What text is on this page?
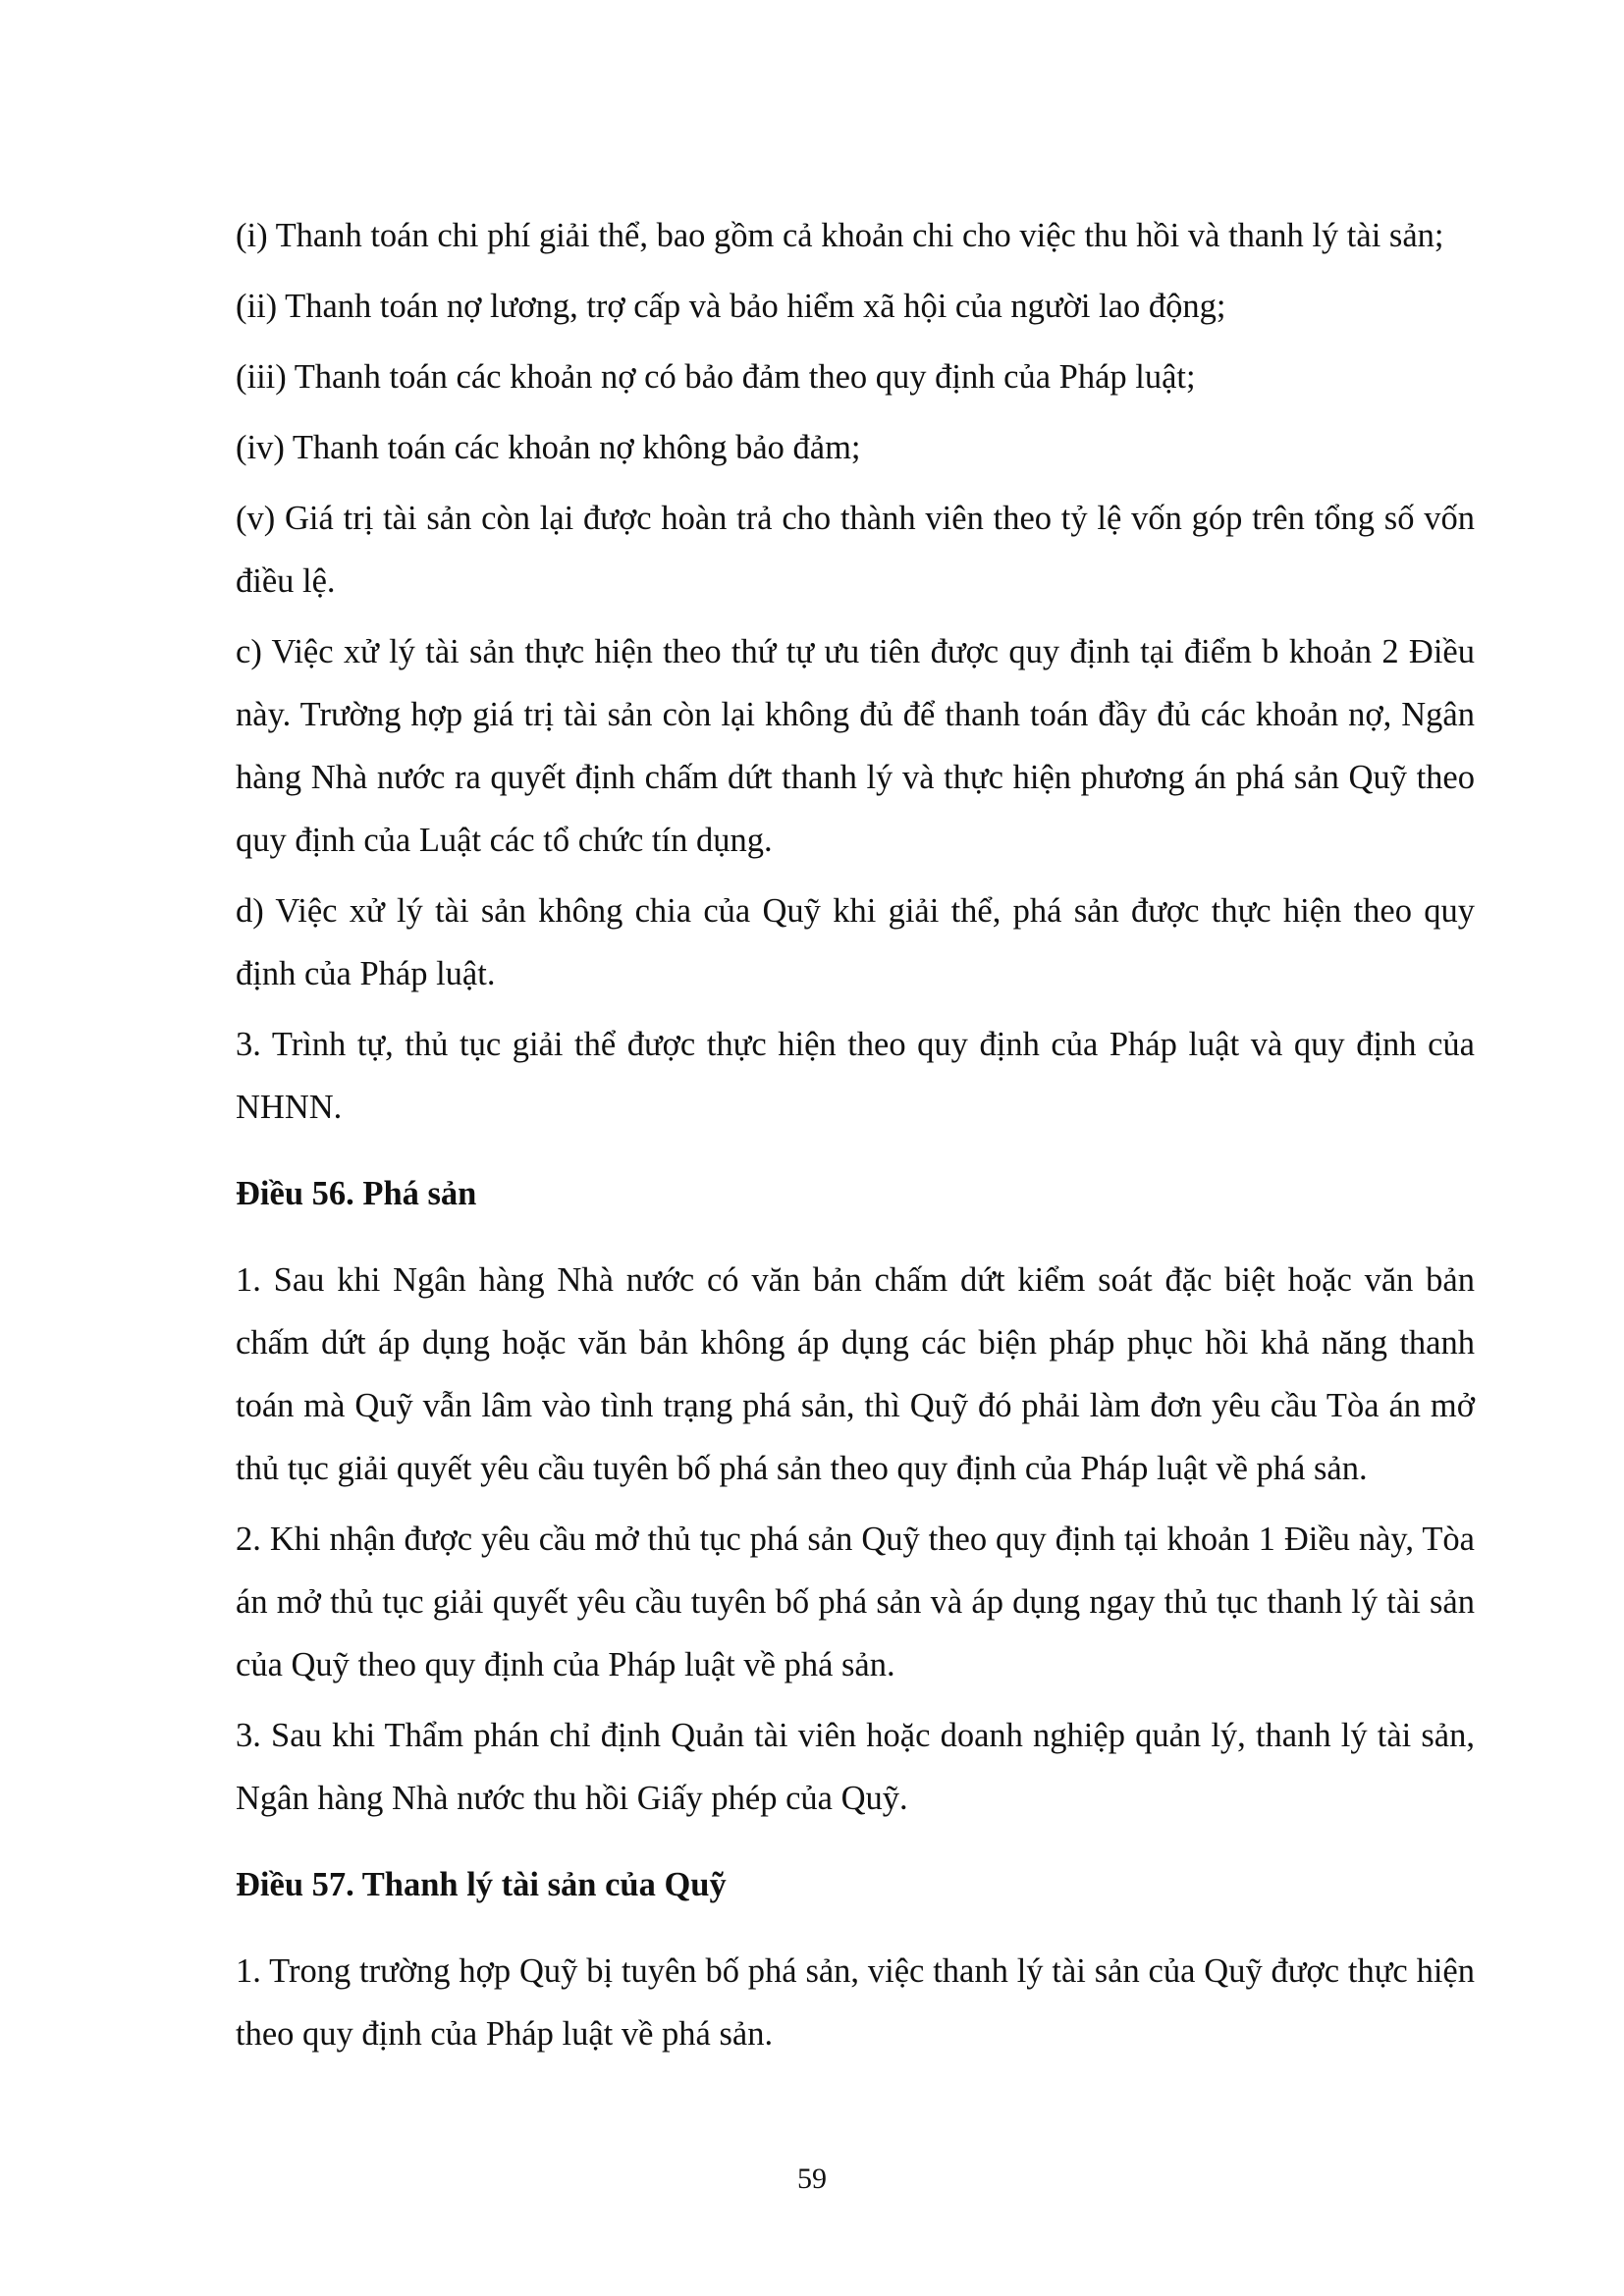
(i) Thanh toán chi phí giải thể, bao gồm cả khoản chi cho việc thu hồi và thanh lý tài sản;

(ii) Thanh toán nợ lương, trợ cấp và bảo hiểm xã hội của người lao động;

(iii) Thanh toán các khoản nợ có bảo đảm theo quy định của Pháp luật;

(iv) Thanh toán các khoản nợ không bảo đảm;

(v) Giá trị tài sản còn lại được hoàn trả cho thành viên theo tỷ lệ vốn góp trên tổng số vốn điều lệ.

c) Việc xử lý tài sản thực hiện theo thứ tự ưu tiên được quy định tại điểm b khoản 2 Điều này. Trường hợp giá trị tài sản còn lại không đủ để thanh toán đầy đủ các khoản nợ, Ngân hàng Nhà nước ra quyết định chấm dứt thanh lý và thực hiện phương án phá sản Quỹ theo quy định của Luật các tổ chức tín dụng.

d) Việc xử lý tài sản không chia của Quỹ khi giải thể, phá sản được thực hiện theo quy định của Pháp luật.

3. Trình tự, thủ tục giải thể được thực hiện theo quy định của Pháp luật và quy định của NHNN.

Điều 56. Phá sản

1. Sau khi Ngân hàng Nhà nước có văn bản chấm dứt kiểm soát đặc biệt hoặc văn bản chấm dứt áp dụng hoặc văn bản không áp dụng các biện pháp phục hồi khả năng thanh toán mà Quỹ vẫn lâm vào tình trạng phá sản, thì Quỹ đó phải làm đơn yêu cầu Tòa án mở thủ tục giải quyết yêu cầu tuyên bố phá sản theo quy định của Pháp luật về phá sản.

2. Khi nhận được yêu cầu mở thủ tục phá sản Quỹ theo quy định tại khoản 1 Điều này, Tòa án mở thủ tục giải quyết yêu cầu tuyên bố phá sản và áp dụng ngay thủ tục thanh lý tài sản của Quỹ theo quy định của Pháp luật về phá sản.

3. Sau khi Thẩm phán chỉ định Quản tài viên hoặc doanh nghiệp quản lý, thanh lý tài sản, Ngân hàng Nhà nước thu hồi Giấy phép của Quỹ.

Điều 57. Thanh lý tài sản của Quỹ

1. Trong trường hợp Quỹ bị tuyên bố phá sản, việc thanh lý tài sản của Quỹ được thực hiện theo quy định của Pháp luật về phá sản.

59
